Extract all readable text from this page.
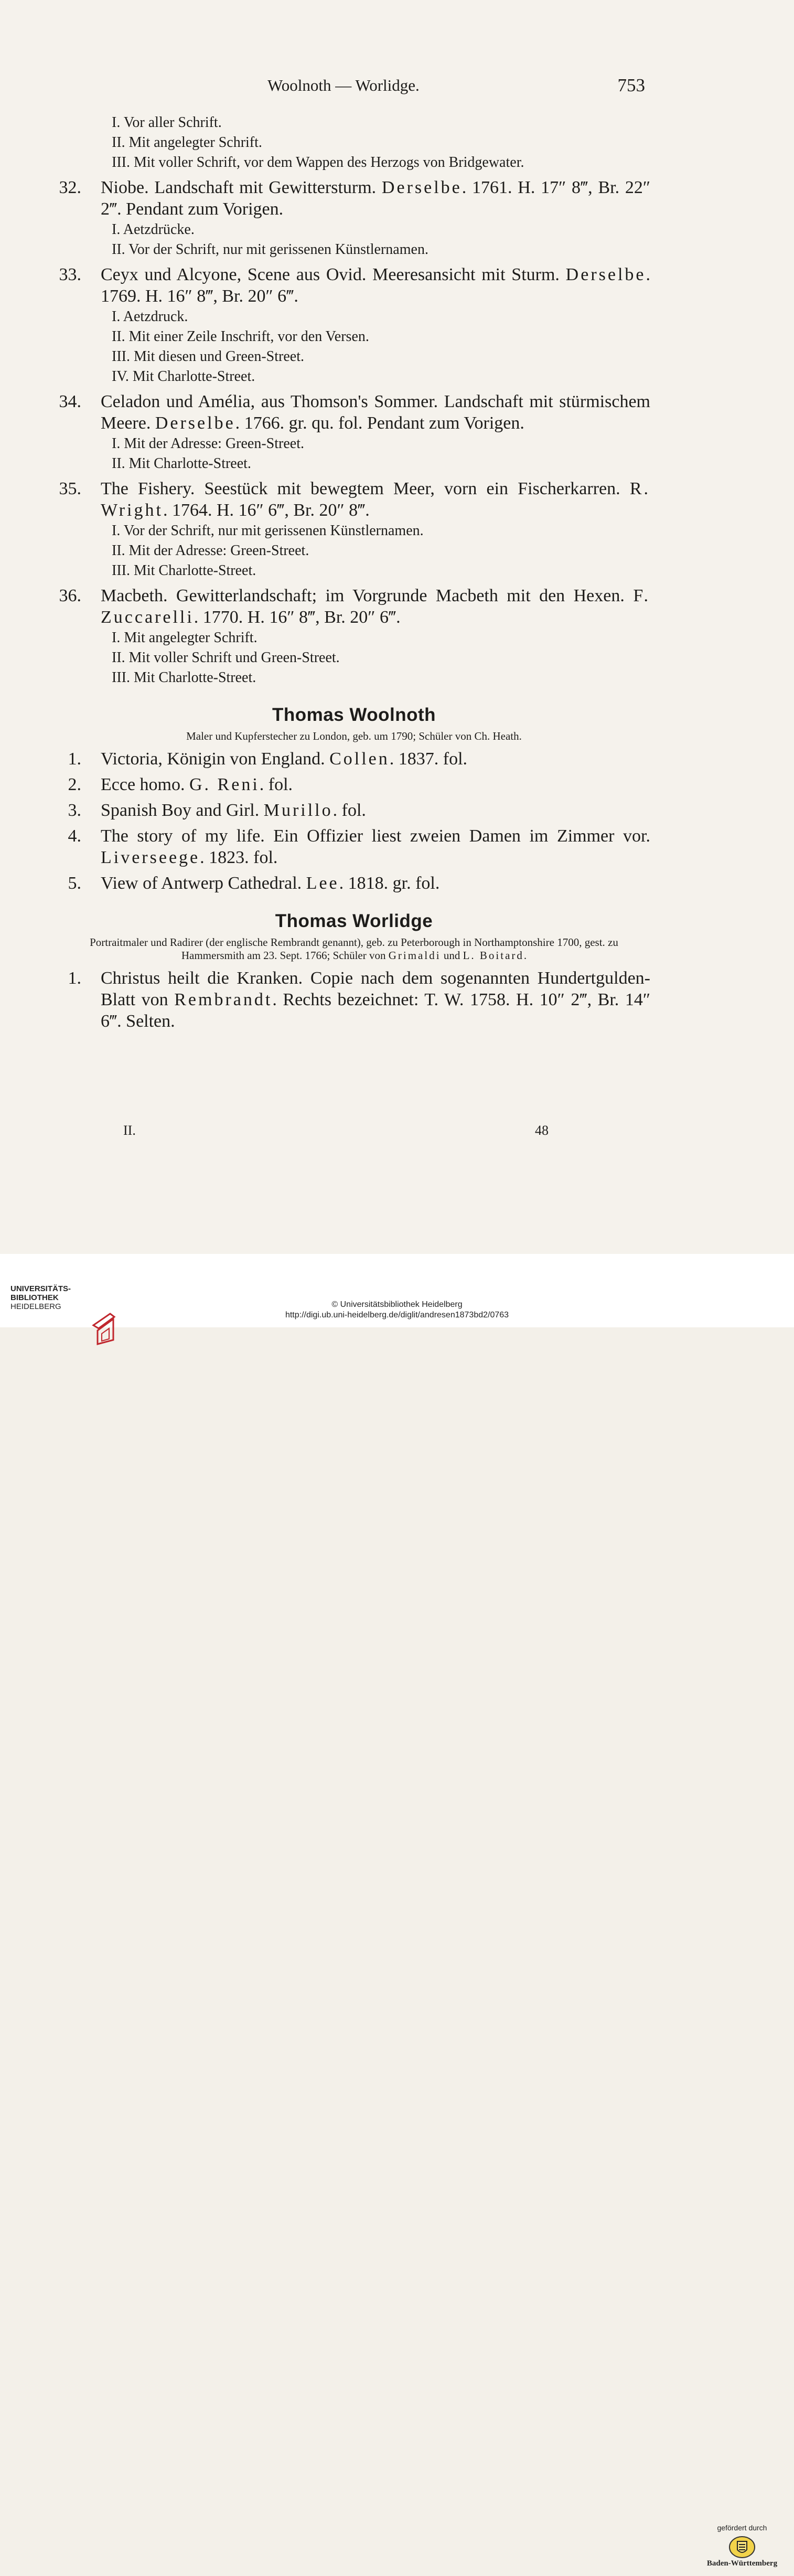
Woolnoth — Worlidge.	753
I. Vor aller Schrift.
II. Mit angelegter Schrift.
III. Mit voller Schrift, vor dem Wappen des Herzogs von Bridgewater.
32. Niobe. Landschaft mit Gewittersturm. Derselbe. 1761. H. 17″ 8‴, Br. 22″ 2‴. Pendant zum Vorigen.
I. Aetzdrücke.
II. Vor der Schrift, nur mit gerissenen Künstlernamen.
33. Ceyx und Alcyone, Scene aus Ovid. Meeresansicht mit Sturm. Derselbe. 1769. H. 16″ 8‴, Br. 20″ 6‴.
I. Aetzdruck.
II. Mit einer Zeile Inschrift, vor den Versen.
III. Mit diesen und Green-Street.
IV. Mit Charlotte-Street.
34. Celadon und Amélia, aus Thomson's Sommer. Landschaft mit stürmischem Meere. Derselbe. 1766. gr. qu. fol. Pendant zum Vorigen.
I. Mit der Adresse: Green-Street.
II. Mit Charlotte-Street.
35. The Fishery. Seestück mit bewegtem Meer, vorn ein Fischerkarren. R. Wright. 1764. H. 16″ 6‴, Br. 20″ 8‴.
I. Vor der Schrift, nur mit gerissenen Künstlernamen.
II. Mit der Adresse: Green-Street.
III. Mit Charlotte-Street.
36. Macbeth. Gewitterlandschaft; im Vorgrunde Macbeth mit den Hexen. F. Zuccarelli. 1770. H. 16″ 8‴, Br. 20″ 6‴.
I. Mit angelegter Schrift.
II. Mit voller Schrift und Green-Street.
III. Mit Charlotte-Street.
Thomas Woolnoth
Maler und Kupferstecher zu London, geb. um 1790; Schüler von Ch. Heath.
1. Victoria, Königin von England. Collen. 1837. fol.
2. Ecce homo. G. Reni. fol.
3. Spanish Boy and Girl. Murillo. fol.
4. The story of my life. Ein Offizier liest zweien Damen im Zimmer vor. Liverseege. 1823. fol.
5. View of Antwerp Cathedral. Lee. 1818. gr. fol.
Thomas Worlidge
Portraitmaler und Radirer (der englische Rembrandt genannt), geb. zu Peterborough in Northamptonshire 1700, gest. zu Hammersmith am 23. Sept. 1766; Schüler von Grimaldi und L. Boitard.
1. Christus heilt die Kranken. Copie nach dem sogenannten Hundertgulden-Blatt von Rembrandt. Rechts bezeichnet: T. W. 1758. H. 10″ 2‴, Br. 14″ 6‴. Selten.
II.	48
UNIVERSITÄTS-
BIBLIOTHEK
HEIDELBERG
gefördert durch
Baden-Württemberg
© Universitätsbibliothek Heidelberg
http://digi.ub.uni-heidelberg.de/diglit/andresen1873bd2/0763
